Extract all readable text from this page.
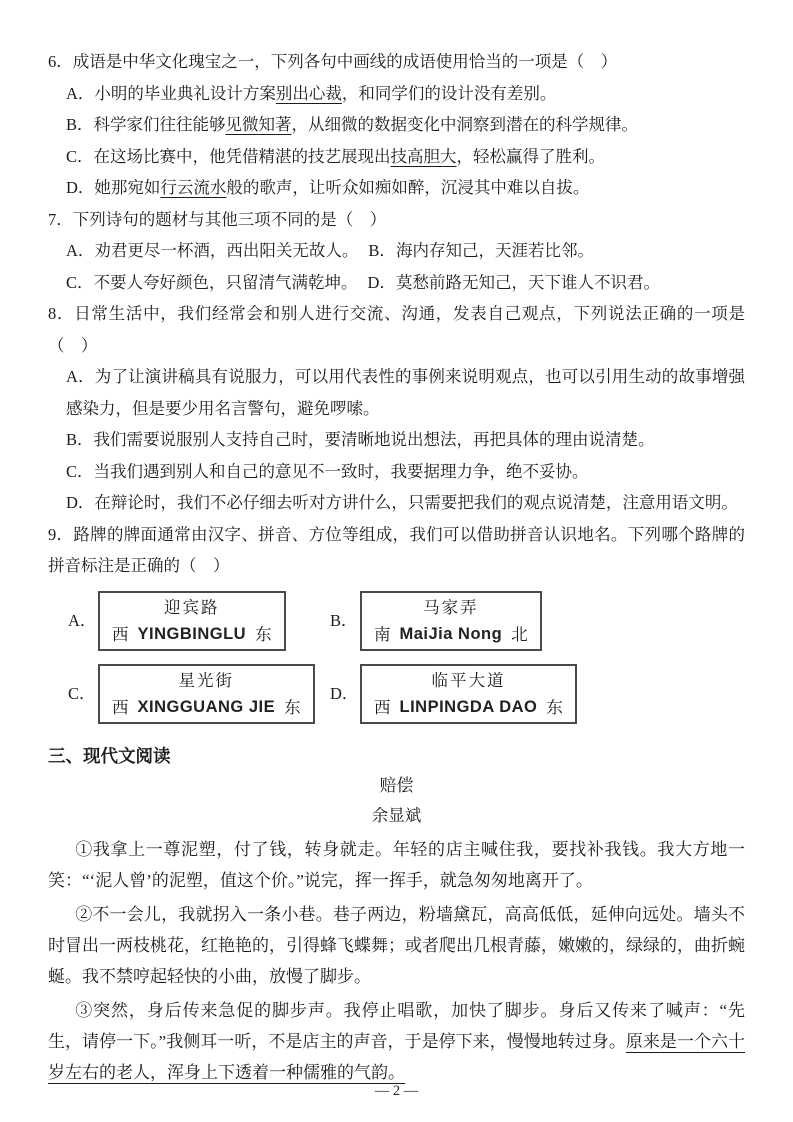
6．成语是中华文化瑰宝之一，下列各句中画线的成语使用恰当的一项是（　）
A．小明的毕业典礼设计方案别出心裁，和同学们的设计没有差别。
B．科学家们往往能够见微知著，从细微的数据变化中洞察到潜在的科学规律。
C．在这场比赛中，他凭借精湛的技艺展现出技高胆大，轻松赢得了胜利。
D．她那宛如行云流水般的歌声，让听众如痴如醉，沉浸其中难以自拔。
7．下列诗句的题材与其他三项不同的是（　）
A．劝君更尽一杯酒，西出阳关无故人。 B．海内存知己，天涯若比邻。
C．不要人夸好颜色，只留清气满乾坤。 D．莫愁前路无知己，天下谁人不识君。
8．日常生活中，我们经常会和别人进行交流、沟通，发表自己观点，下列说法正确的一项是（　）
A．为了让演讲稿具有说服力，可以用代表性的事例来说明观点，也可以引用生动的故事增强感染力，但是要少用名言警句，避免啰嗦。
B．我们需要说服别人支持自己时，要清晰地说出想法，再把具体的理由说清楚。
C．当我们遇到别人和自己的意见不一致时，我要据理力争，绝不妥协。
D．在辩论时，我们不必仔细去听对方讲什么，只需要把我们的观点说清楚，注意用语文明。
9．路牌的牌面通常由汉字、拼音、方位等组成，我们可以借助拼音认识地名。下列哪个路牌的拼音标注是正确的（　）
A．
迎宾路
西 YINGBINGLU 东
B．
马家弄
南 MaiJia Nong 北
C．
星光街
西 XINGGUANG JIE 东
D．
临平大道
西 LINPINGDA DAO 东
三、现代文阅读
赔偿
余显斌

①我拿上一尊泥塑，付了钱，转身就走。年轻的店主喊住我，要找补我钱。我大方地一笑：“‘泥人曾’的泥塑，值这个价。”说完，挥一挥手，就急匆匆地离开了。

②不一会儿，我就拐入一条小巷。巷子两边，粉墙黛瓦，高高低低，延伸向远处。墙头不时冒出一两枝桃花，红艳艳的，引得蜂飞蝶舞；或者爬出几根青藤，嫩嫩的，绿绿的，曲折蜿蜒。我不禁哼起轻快的小曲，放慢了脚步。

③突然，身后传来急促的脚步声。我停止唱歌，加快了脚步。身后又传来了喊声：“先生，请停一下。”我侧耳一听，不是店主的声音，于是停下来，慢慢地转过身。原来是一个六十岁左右的老人，浑身上下透着一种儒雅的气韵。

— 2 —
